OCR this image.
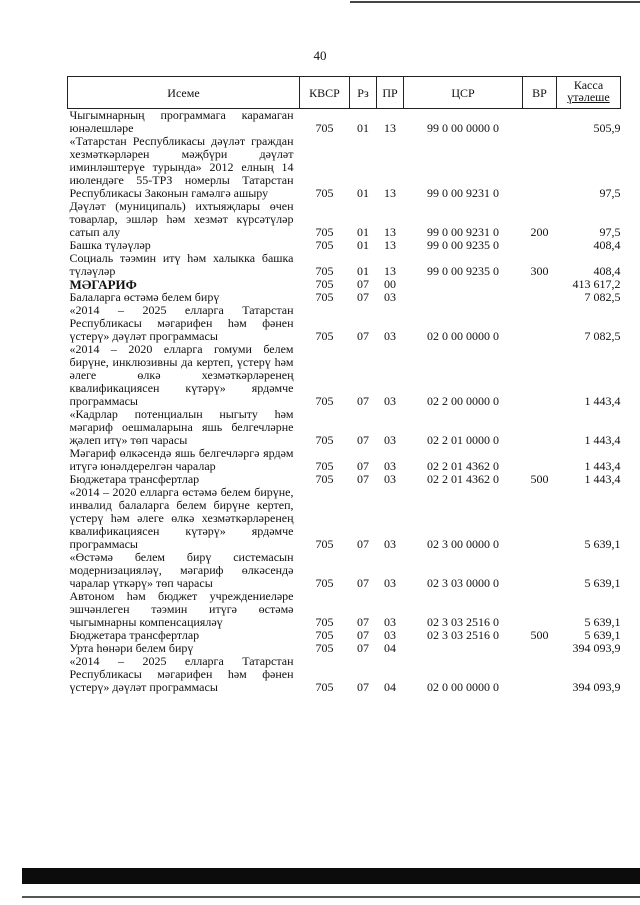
40
Исеме	КВСР	Рз	ПР	ЦСР	ВР	Касса
үтәлеше

Чыгымнарның программага карамаган юнәлешләре	705	01	13	99 0 00 0000 0		505,9
«Татарстан Республикасы дәүләт граждан хезмәткәрләрен мәҗбүри дәүләт иминләштерүе турында» 2012 елның 14 июлендәге 55-ТРЗ номерлы Татарстан Республикасы Законын гамәлгә ашыру	705	01	13	99 0 00 9231 0		97,5
Дәүләт (муниципаль) ихтыяҗлары өчен товарлар, эшләр һәм хезмәт күрсәтүләр сатып алу	705	01	13	99 0 00 9231 0	200	97,5
Башка түләүләр	705	01	13	99 0 00 9235 0		408,4
Социаль тәэмин итү һәм халыкка башка түләүләр	705	01	13	99 0 00 9235 0	300	408,4
МӘГАРИФ	705	07	00			413 617,2
Балаларга өстәмә белем бирү	705	07	03			7 082,5
«2014 – 2025 елларга Татарстан Республикасы мәгарифен һәм фәнен үстерү» дәүләт программасы	705	07	03	02 0 00 0000 0		7 082,5
«2014 – 2020 елларга гомуми белем бирүне, инклюзивны да кертеп, үстерү һәм әлеге өлкә хезмәткәрләренең квалификациясен күтәрү» ярдәмче программасы	705	07	03	02 2 00 0000 0		1 443,4
«Кадрлар потенциалын ныгыту һәм мәгариф оешмаларына яшь белгечләрне җәлеп итү» төп чарасы	705	07	03	02 2 01 0000 0		1 443,4
Мәгариф өлкәсендә яшь белгечләргә ярдәм итүгә юнәлдерелгән чаралар	705	07	03	02 2 01 4362 0		1 443,4
Бюджетара трансфертлар	705	07	03	02 2 01 4362 0	500	1 443,4
«2014 – 2020 елларга өстәмә белем бирүне, инвалид балаларга белем бирүне кертеп, үстерү һәм әлеге өлкә хезмәткәрләренең квалификациясен күтәрү» ярдәмче программасы	705	07	03	02 3 00 0000 0		5 639,1
«Өстәмә белем бирү системасын модернизацияләү, мәгариф өлкәсендә чаралар үткәрү» төп чарасы	705	07	03	02 3 03 0000 0		5 639,1
Автоном һәм бюджет учреждениеләре эшчәнлеген тәэмин итүгә өстәмә чыгымнарны компенсацияләү	705	07	03	02 3 03 2516 0		5 639,1
Бюджетара трансфертлар	705	07	03	02 3 03 2516 0	500	5 639,1
Урта һөнәри белем бирү	705	07	04			394 093,9
«2014 – 2025 елларга Татарстан Республикасы мәгарифен һәм фәнен үстерү» дәүләт программасы	705	07	04	02 0 00 0000 0		394 093,9
